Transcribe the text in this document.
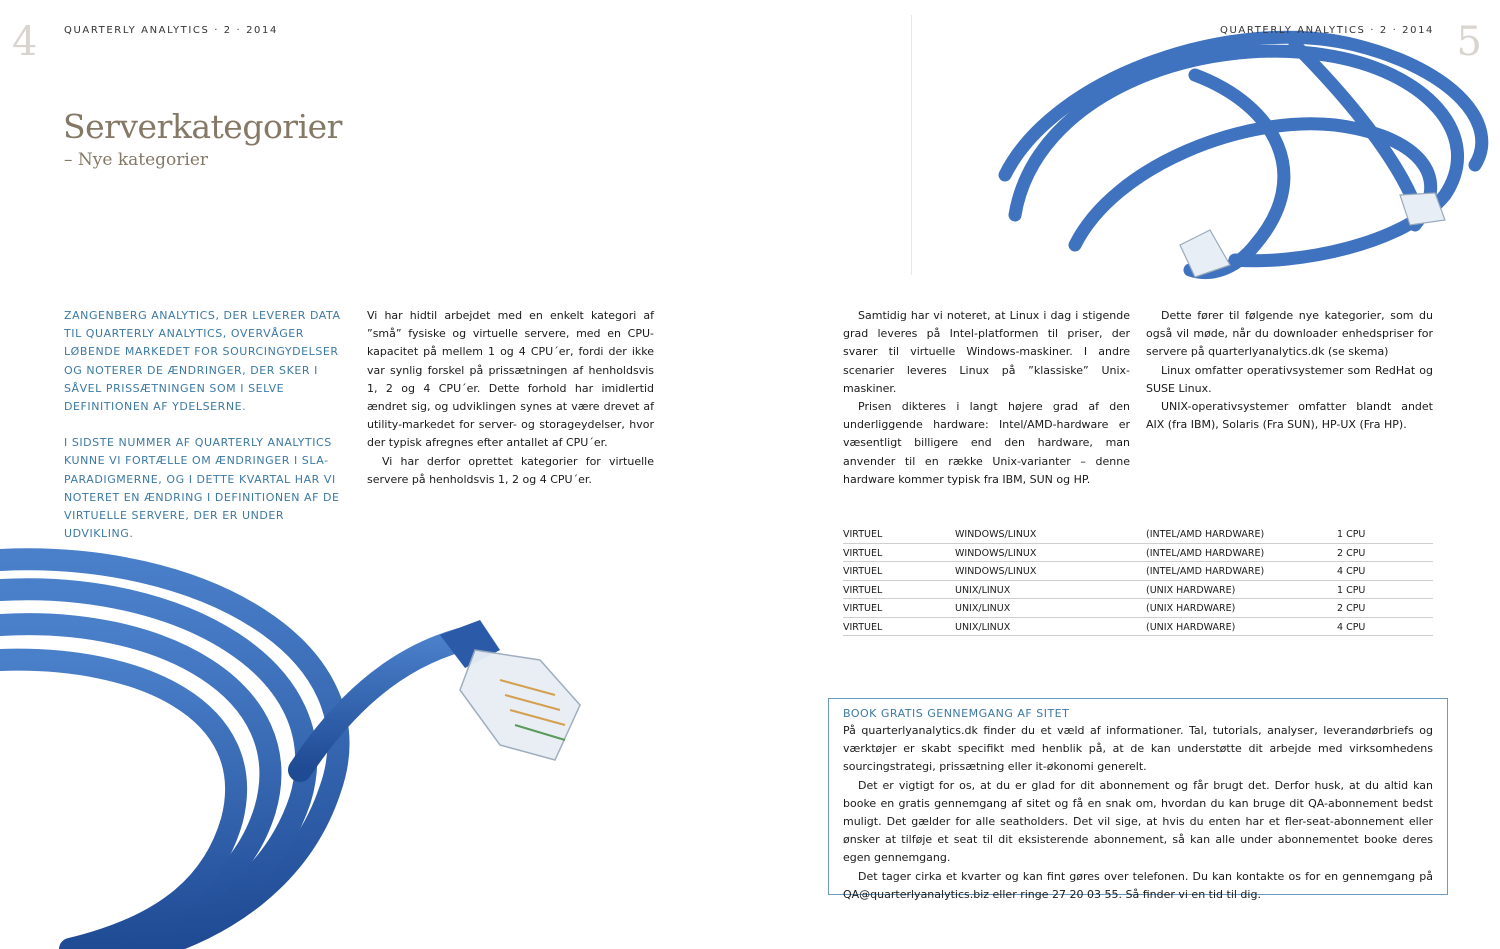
4	QUARTERLY ANALYTICS · 2 · 2014
Serverkategorier
– Nye kategorier

ZANGENBERG ANALYTICS, DER LEVERER DATA TIL QUARTERLY ANALYTICS, OVERVÅGER LØBENDE MARKEDET FOR SOURCINGYDELSER OG NOTERER DE ÆNDRINGER, DER SKER I SÅVEL PRISSÆTNINGEN SOM I SELVE DEFINITIONEN AF YDELSERNE.

I SIDSTE NUMMER AF QUARTERLY ANALYTICS KUNNE VI FORTÆLLE OM ÆNDRINGER I SLA-PARADIGMERNE, OG I DETTE KVARTAL HAR VI NOTERET EN ÆNDRING I DEFINITIONEN AF DE VIRTUELLE SERVERE, DER ER UNDER UDVIKLING.

Vi har hidtil arbejdet med en enkelt kategori af ”små” fysiske og virtuelle servere, med en CPU-kapacitet på mellem 1 og 4 CPU´er, fordi der ikke var synlig forskel på prissætningen af henholdsvis 1, 2 og 4 CPU´er. Dette forhold har imidlertid ændret sig, og udviklingen synes at være drevet af utility-markedet for server- og storageydelser, hvor der typisk afregnes efter antallet af CPU´er.

Vi har derfor oprettet kategorier for virtuelle servere på henholdsvis 1, 2 og 4 CPU´er.

QUARTERLY ANALYTICS · 2 · 2014 5

Samtidig har vi noteret, at Linux i dag i stigende grad leveres på Intel-platformen til priser, der svarer til virtuelle Windows-maskiner. I andre scenarier leveres Linux på ”klassiske” Unix-maskiner.

Prisen dikteres i langt højere grad af den underliggende hardware: Intel/AMD-hardware er væsentligt billigere end den hardware, man anvender til en række Unix-varianter – denne hardware kommer typisk fra IBM, SUN og HP.

Dette fører til følgende nye kategorier, som du også vil møde, når du downloader enhedspriser for servere på quarterlyanalytics.dk (se skema)

Linux omfatter operativsystemer som RedHat og SUSE Linux.

UNIX-operativsystemer omfatter blandt andet AIX (fra IBM), Solaris (Fra SUN), HP-UX (Fra HP).

VIRTUEL	WINDOWS/LINUX	(INTEL/AMD HARDWARE)	1 CPU
VIRTUEL	WINDOWS/LINUX	(INTEL/AMD HARDWARE)	2 CPU
VIRTUEL	WINDOWS/LINUX	(INTEL/AMD HARDWARE)	4 CPU
VIRTUEL	UNIX/LINUX	(UNIX HARDWARE)	1 CPU
VIRTUEL	UNIX/LINUX	(UNIX HARDWARE)	2 CPU
VIRTUEL	UNIX/LINUX	(UNIX HARDWARE)	4 CPU
BOOK GRATIS GENNEMGANG AF SITET

På quarterlyanalytics.dk finder du et væld af informationer. Tal, tutorials, analyser, leverandørbriefs og værktøjer er skabt specifikt med henblik på, at de kan understøtte dit arbejde med virksomhedens sourcingstrategi, prissætning eller it-økonomi generelt.

Det er vigtigt for os, at du er glad for dit abonnement og får brugt det. Derfor husk, at du altid kan booke en gratis gennemgang af sitet og få en snak om, hvordan du kan bruge dit QA-abonnement bedst muligt. Det gælder for alle seatholders. Det vil sige, at hvis du enten har et fler-seat-abonnement eller ønsker at tilføje et seat til dit eksisterende abonnement, så kan alle under abonnementet booke deres egen gennemgang.

Det tager cirka et kvarter og kan fint gøres over telefonen. Du kan kontakte os for en gennemgang på QA@quarterlyanalytics.biz eller ringe 27 20 03 55. Så finder vi en tid til dig.
